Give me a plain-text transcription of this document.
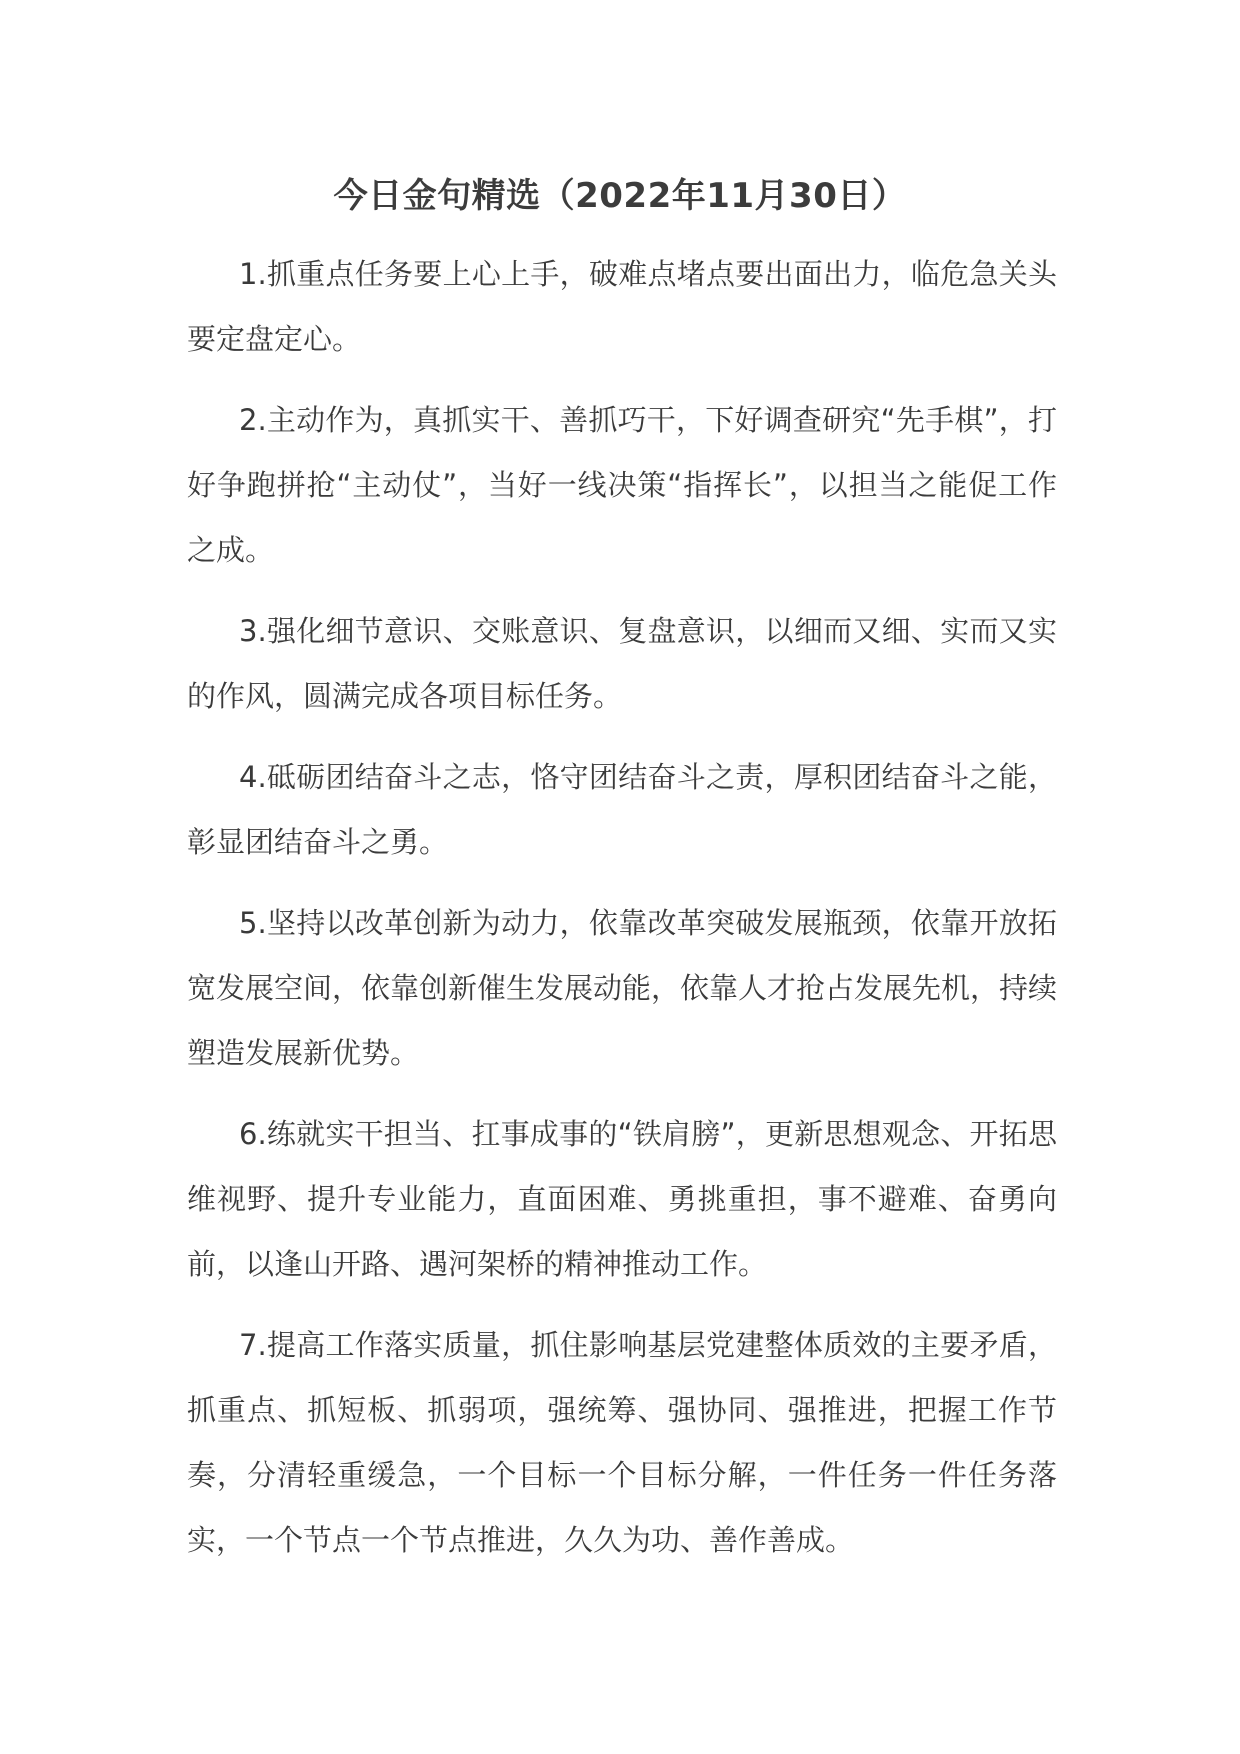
今日金句精选（2022年11月30日）

1.抓重点任务要上心上手，破难点堵点要出面出力，临危急关头要定盘定心。

2.主动作为，真抓实干、善抓巧干，下好调查研究“先手棋”，打好争跑拼抢“主动仗”，当好一线决策“指挥长”，以担当之能促工作之成。

3.强化细节意识、交账意识、复盘意识，以细而又细、实而又实的作风，圆满完成各项目标任务。

4.砥砺团结奋斗之志，恪守团结奋斗之责，厚积团结奋斗之能，彰显团结奋斗之勇。

5.坚持以改革创新为动力，依靠改革突破发展瓶颈，依靠开放拓宽发展空间，依靠创新催生发展动能，依靠人才抢占发展先机，持续塑造发展新优势。

6.练就实干担当、扛事成事的“铁肩膀”，更新思想观念、开拓思维视野、提升专业能力，直面困难、勇挑重担，事不避难、奋勇向前，以逢山开路、遇河架桥的精神推动工作。

7.提高工作落实质量，抓住影响基层党建整体质效的主要矛盾，抓重点、抓短板、抓弱项，强统筹、强协同、强推进，把握工作节奏，分清轻重缓急，一个目标一个目标分解，一件任务一件任务落实，一个节点一个节点推进，久久为功、善作善成。
